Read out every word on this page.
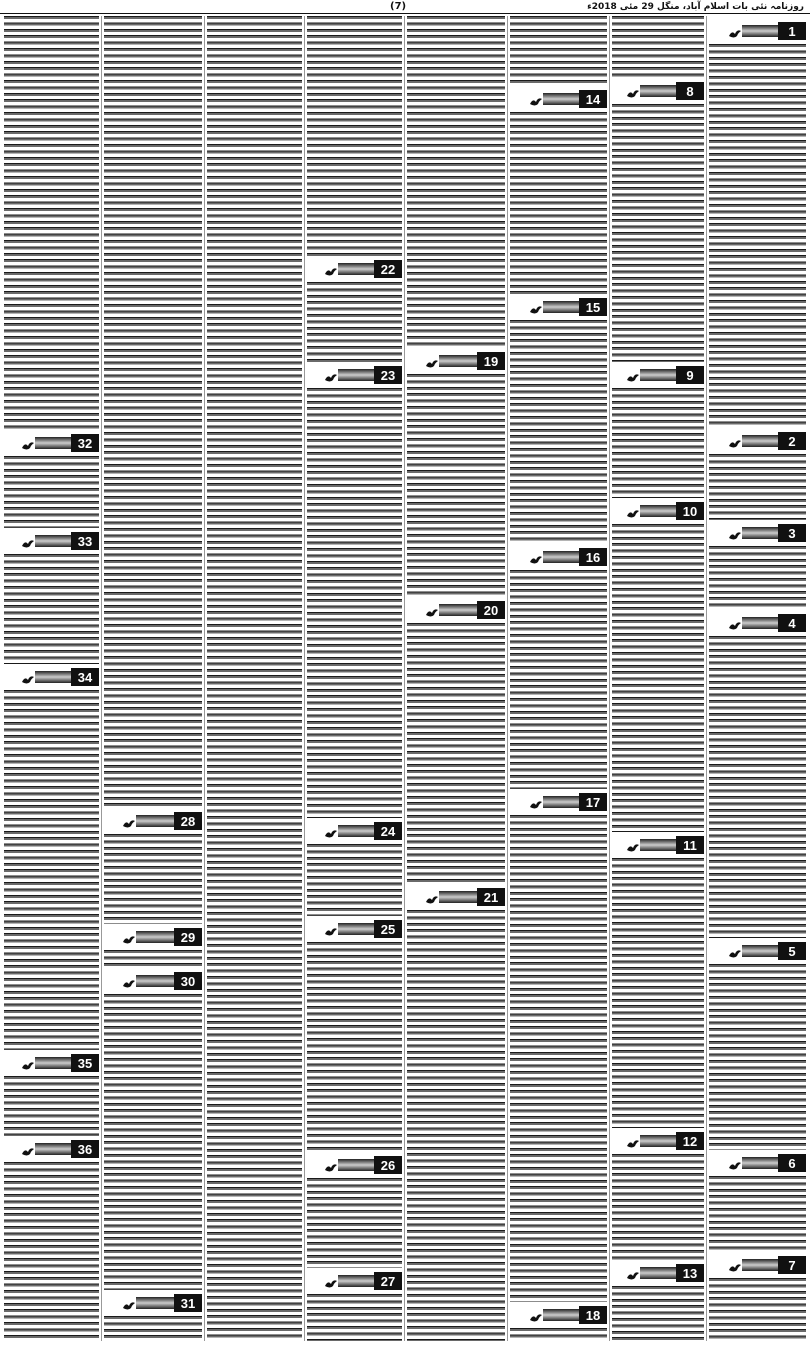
(7)	روزنامہ نئی بات اسلام آباد، منگل 29 مئی 2018ء
1
2
3
4
5
6
7
8
9
10
11
12
13
14
15
16
17
18
19
20
21
22
23
24
25
26
27
28
29
30
31
32
33
34
35
36
